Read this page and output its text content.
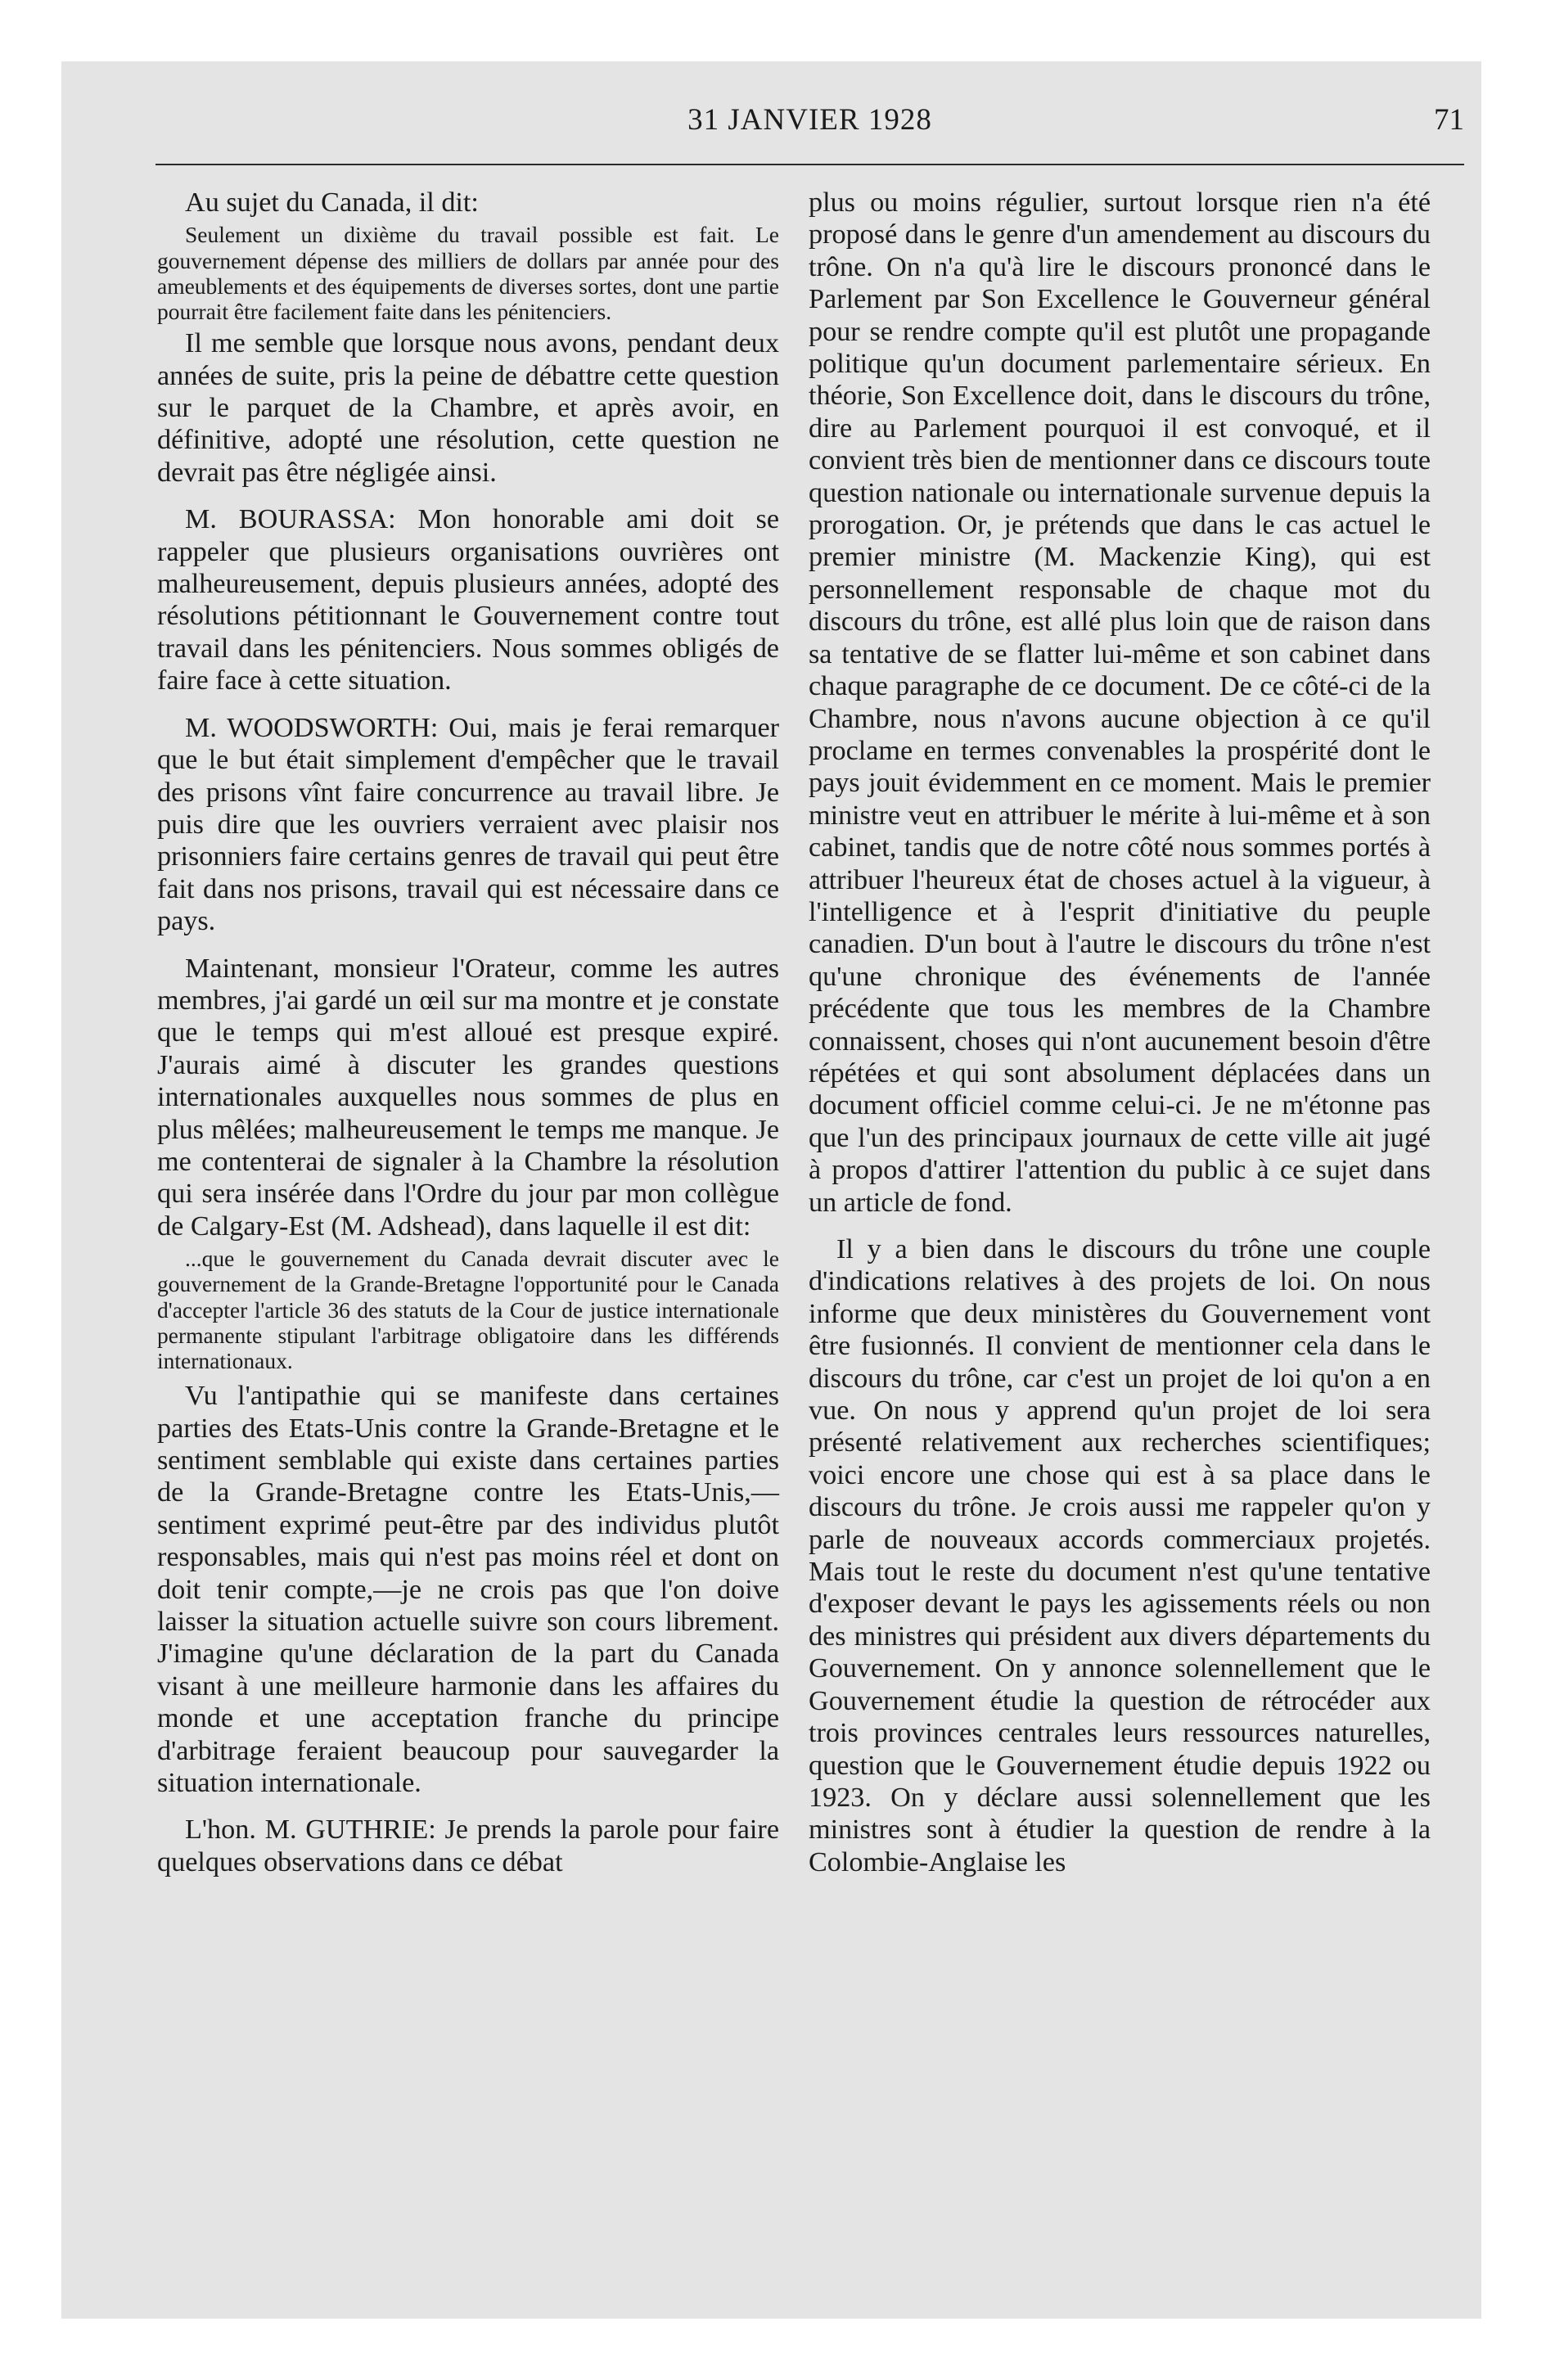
31 JANVIER 1928	71

Au sujet du Canada, il dit:

Seulement un dixième du travail possible est fait. Le gouvernement dépense des milliers de dollars par année pour des ameublements et des équipements de diverses sortes, dont une partie pourrait être facilement faite dans les pénitenciers.

Il me semble que lorsque nous avons, pendant deux années de suite, pris la peine de débattre cette question sur le parquet de la Chambre, et après avoir, en définitive, adopté une résolution, cette question ne devrait pas être négligée ainsi.

M. BOURASSA: Mon honorable ami doit se rappeler que plusieurs organisations ouvrières ont malheureusement, depuis plusieurs années, adopté des résolutions pétitionnant le Gouvernement contre tout travail dans les pénitenciers. Nous sommes obligés de faire face à cette situation.

M. WOODSWORTH: Oui, mais je ferai remarquer que le but était simplement d'empêcher que le travail des prisons vînt faire concurrence au travail libre. Je puis dire que les ouvriers verraient avec plaisir nos prisonniers faire certains genres de travail qui peut être fait dans nos prisons, travail qui est nécessaire dans ce pays.

Maintenant, monsieur l'Orateur, comme les autres membres, j'ai gardé un œil sur ma montre et je constate que le temps qui m'est alloué est presque expiré. J'aurais aimé à discuter les grandes questions internationales auxquelles nous sommes de plus en plus mêlées; malheureusement le temps me manque. Je me contenterai de signaler à la Chambre la résolution qui sera insérée dans l'Ordre du jour par mon collègue de Calgary-Est (M. Adshead), dans laquelle il est dit:

...que le gouvernement du Canada devrait discuter avec le gouvernement de la Grande-Bretagne l'opportunité pour le Canada d'accepter l'article 36 des statuts de la Cour de justice internationale permanente stipulant l'arbitrage obligatoire dans les différends internationaux.

Vu l'antipathie qui se manifeste dans certaines parties des Etats-Unis contre la Grande-Bretagne et le sentiment semblable qui existe dans certaines parties de la Grande-Bretagne contre les Etats-Unis,—sentiment exprimé peut-être par des individus plutôt responsables, mais qui n'est pas moins réel et dont on doit tenir compte,—je ne crois pas que l'on doive laisser la situation actuelle suivre son cours librement. J'imagine qu'une déclaration de la part du Canada visant à une meilleure harmonie dans les affaires du monde et une acceptation franche du principe d'arbitrage feraient beaucoup pour sauvegarder la situation internationale.

L'hon. M. GUTHRIE: Je prends la parole pour faire quelques observations dans ce débat

plus ou moins régulier, surtout lorsque rien n'a été proposé dans le genre d'un amendement au discours du trône. On n'a qu'à lire le discours prononcé dans le Parlement par Son Excellence le Gouverneur général pour se rendre compte qu'il est plutôt une propagande politique qu'un document parlementaire sérieux. En théorie, Son Excellence doit, dans le discours du trône, dire au Parlement pourquoi il est convoqué, et il convient très bien de mentionner dans ce discours toute question nationale ou internationale survenue depuis la prorogation. Or, je prétends que dans le cas actuel le premier ministre (M. Mackenzie King), qui est personnellement responsable de chaque mot du discours du trône, est allé plus loin que de raison dans sa tentative de se flatter lui-même et son cabinet dans chaque paragraphe de ce document. De ce côté-ci de la Chambre, nous n'avons aucune objection à ce qu'il proclame en termes convenables la prospérité dont le pays jouit évidemment en ce moment. Mais le premier ministre veut en attribuer le mérite à lui-même et à son cabinet, tandis que de notre côté nous sommes portés à attribuer l'heureux état de choses actuel à la vigueur, à l'intelligence et à l'esprit d'initiative du peuple canadien. D'un bout à l'autre le discours du trône n'est qu'une chronique des événements de l'année précédente que tous les membres de la Chambre connaissent, choses qui n'ont aucunement besoin d'être répétées et qui sont absolument déplacées dans un document officiel comme celui-ci. Je ne m'étonne pas que l'un des principaux journaux de cette ville ait jugé à propos d'attirer l'attention du public à ce sujet dans un article de fond.

Il y a bien dans le discours du trône une couple d'indications relatives à des projets de loi. On nous informe que deux ministères du Gouvernement vont être fusionnés. Il convient de mentionner cela dans le discours du trône, car c'est un projet de loi qu'on a en vue. On nous y apprend qu'un projet de loi sera présenté relativement aux recherches scientifiques; voici encore une chose qui est à sa place dans le discours du trône. Je crois aussi me rappeler qu'on y parle de nouveaux accords commerciaux projetés. Mais tout le reste du document n'est qu'une tentative d'exposer devant le pays les agissements réels ou non des ministres qui président aux divers départements du Gouvernement. On y annonce solennellement que le Gouvernement étudie la question de rétrocéder aux trois provinces centrales leurs ressources naturelles, question que le Gouvernement étudie depuis 1922 ou 1923. On y déclare aussi solennellement que les ministres sont à étudier la question de rendre à la Colombie-Anglaise les
